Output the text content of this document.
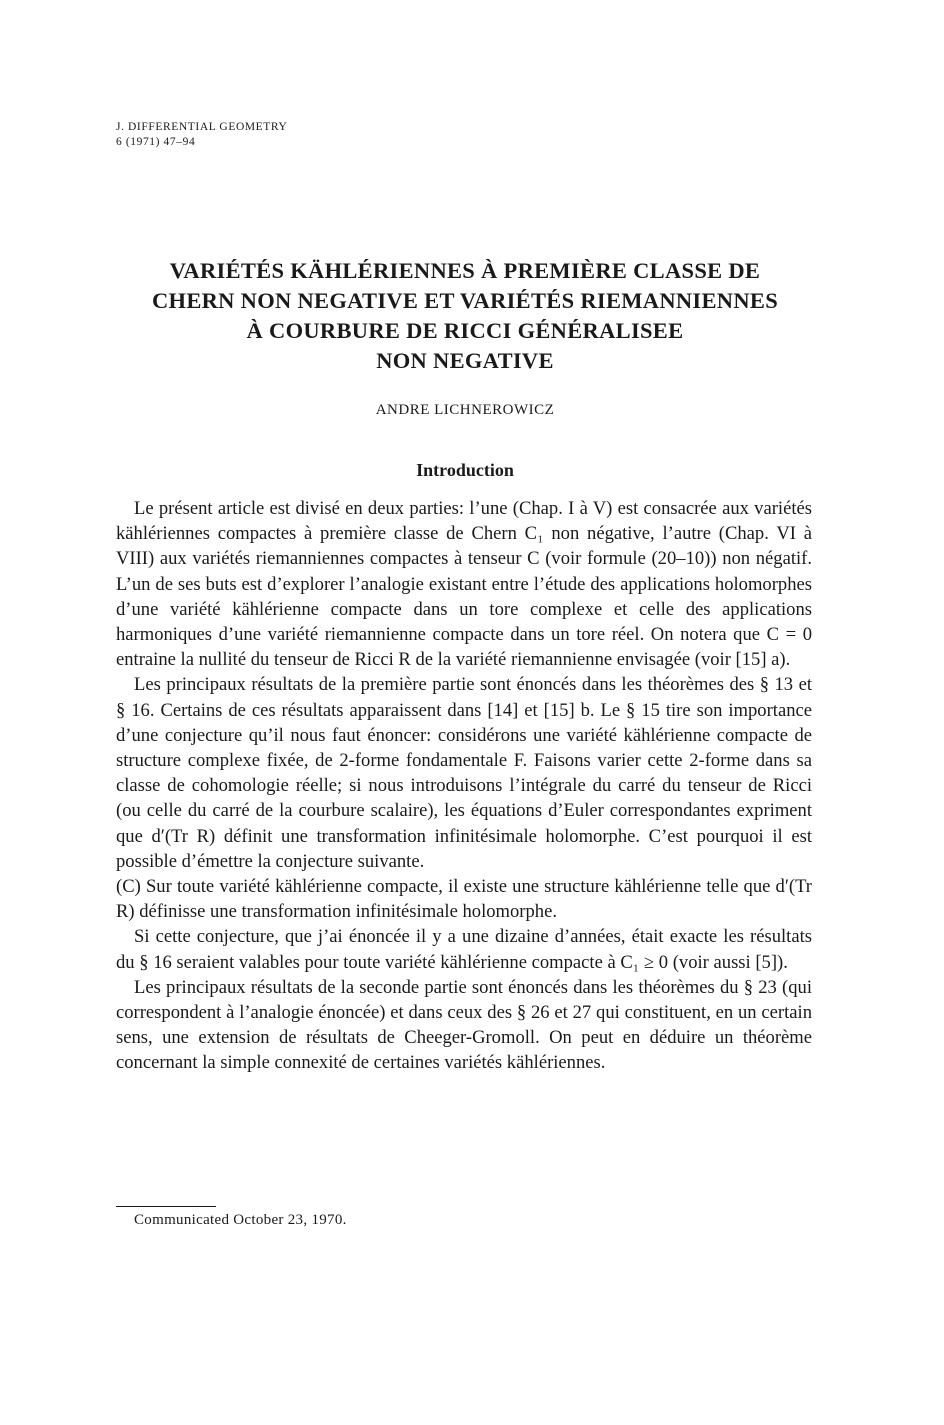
J. DIFFERENTIAL GEOMETRY
6 (1971) 47–94
VARIÉTÉS KÄHLÉRIENNES À PREMIÈRE CLASSE DE
CHERN NON NEGATIVE ET VARIÉTÉS RIEMANNIENNES
À COURBURE DE RICCI GÉNÉRALISEE
NON NEGATIVE
ANDRE LICHNEROWICZ
Introduction

Le présent article est divisé en deux parties: l’une (Chap. I à V) est consacrée aux variétés kählériennes compactes à première classe de Chern C₁ non négative, l’autre (Chap. VI à VIII) aux variétés riemanniennes compactes à tenseur C (voir formule (20–10)) non négatif. L’un de ses buts est d’explorer l’analogie existant entre l’étude des applications holomorphes d’une variété kählérienne compacte dans un tore complexe et celle des applications harmoniques d’une variété riemannienne compacte dans un tore réel. On notera que C = 0 entraine la nullité du tenseur de Ricci R de la variété riemannienne envisagée (voir [15] a).

Les principaux résultats de la première partie sont énoncés dans les théorèmes des § 13 et § 16. Certains de ces résultats apparaissent dans [14] et [15] b. Le § 15 tire son importance d’une conjecture qu’il nous faut énoncer: considérons une variété kählérienne compacte de structure complexe fixée, de 2-forme fondamentale F. Faisons varier cette 2-forme dans sa classe de cohomologie réelle; si nous introduisons l’intégrale du carré du tenseur de Ricci (ou celle du carré de la courbure scalaire), les équations d’Euler correspondantes expriment que d′(Tr R) définit une transformation infinitésimale holomorphe. C’est pourquoi il est possible d’émettre la conjecture suivante.

(C) Sur toute variété kählérienne compacte, il existe une structure kählérienne telle que d′(Tr R) définisse une transformation infinitésimale holomorphe.

Si cette conjecture, que j’ai énoncée il y a une dizaine d’années, était exacte les résultats du § 16 seraient valables pour toute variété kählérienne compacte à C₁ ≥ 0 (voir aussi [5]).

Les principaux résultats de la seconde partie sont énoncés dans les théorèmes du § 23 (qui correspondent à l’analogie énoncée) et dans ceux des § 26 et 27 qui constituent, en un certain sens, une extension de résultats de Cheeger-Gromoll. On peut en déduire un théorème concernant la simple connexité de certaines variétés kählériennes.

Communicated October 23, 1970.
